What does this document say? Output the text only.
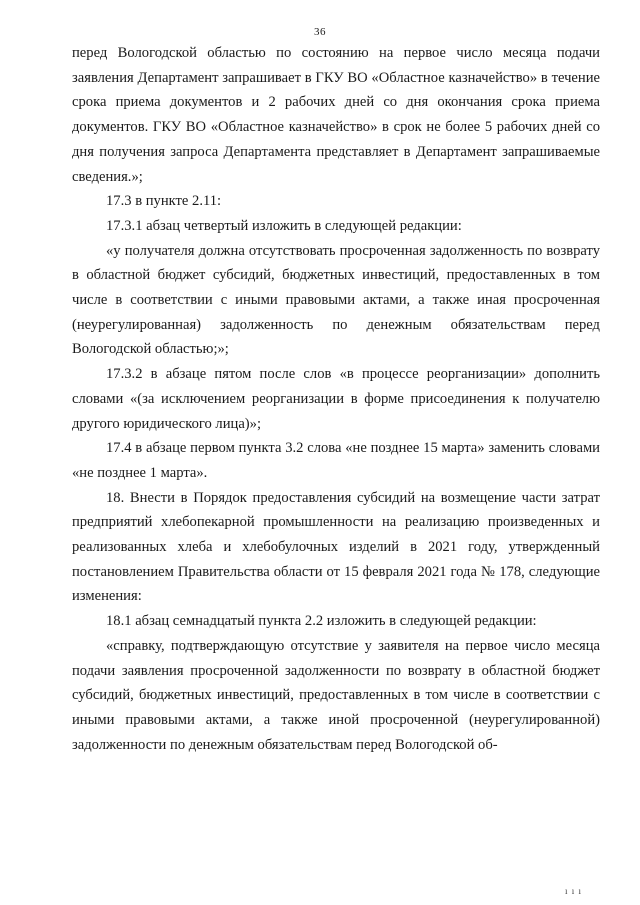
36

перед Вологодской областью по состоянию на первое число месяца подачи заявления Департамент запрашивает в ГКУ ВО «Областное казначейство» в течение срока приема документов и 2 рабочих дней со дня окончания срока приема документов. ГКУ ВО «Областное казначейство» в срок не более 5 рабочих дней со дня получения запроса Департамента представляет в Департамент запрашиваемые сведения.»;

17.3 в пункте 2.11:

17.3.1 абзац четвертый изложить в следующей редакции:

«у получателя должна отсутствовать просроченная задолженность по возврату в областной бюджет субсидий, бюджетных инвестиций, предоставленных в том числе в соответствии с иными правовыми актами, а также иная просроченная (неурегулированная) задолженность по денежным обязательствам перед Вологодской областью;»;

17.3.2 в абзаце пятом после слов «в процессе реорганизации» дополнить словами «(за исключением реорганизации в форме присоединения к получателю другого юридического лица)»;

17.4 в абзаце первом пункта 3.2 слова «не позднее 15 марта» заменить словами «не позднее 1 марта».

18. Внести в Порядок предоставления субсидий на возмещение части затрат предприятий хлебопекарной промышленности на реализацию произведенных и реализованных хлеба и хлебобулочных изделий в 2021 году, утвержденный постановлением Правительства области от 15 февраля 2021 года № 178, следующие изменения:

18.1 абзац семнадцатый пункта 2.2 изложить в следующей редакции:

«справку, подтверждающую отсутствие у заявителя на первое число месяца подачи заявления просроченной задолженности по возврату в областной бюджет субсидий, бюджетных инвестиций, предоставленных в том числе в соответствии с иными правовыми актами, а также иной просроченной (неурегулированной) задолженности по денежным обязательствам перед Вологодской об-

ı ı ı
